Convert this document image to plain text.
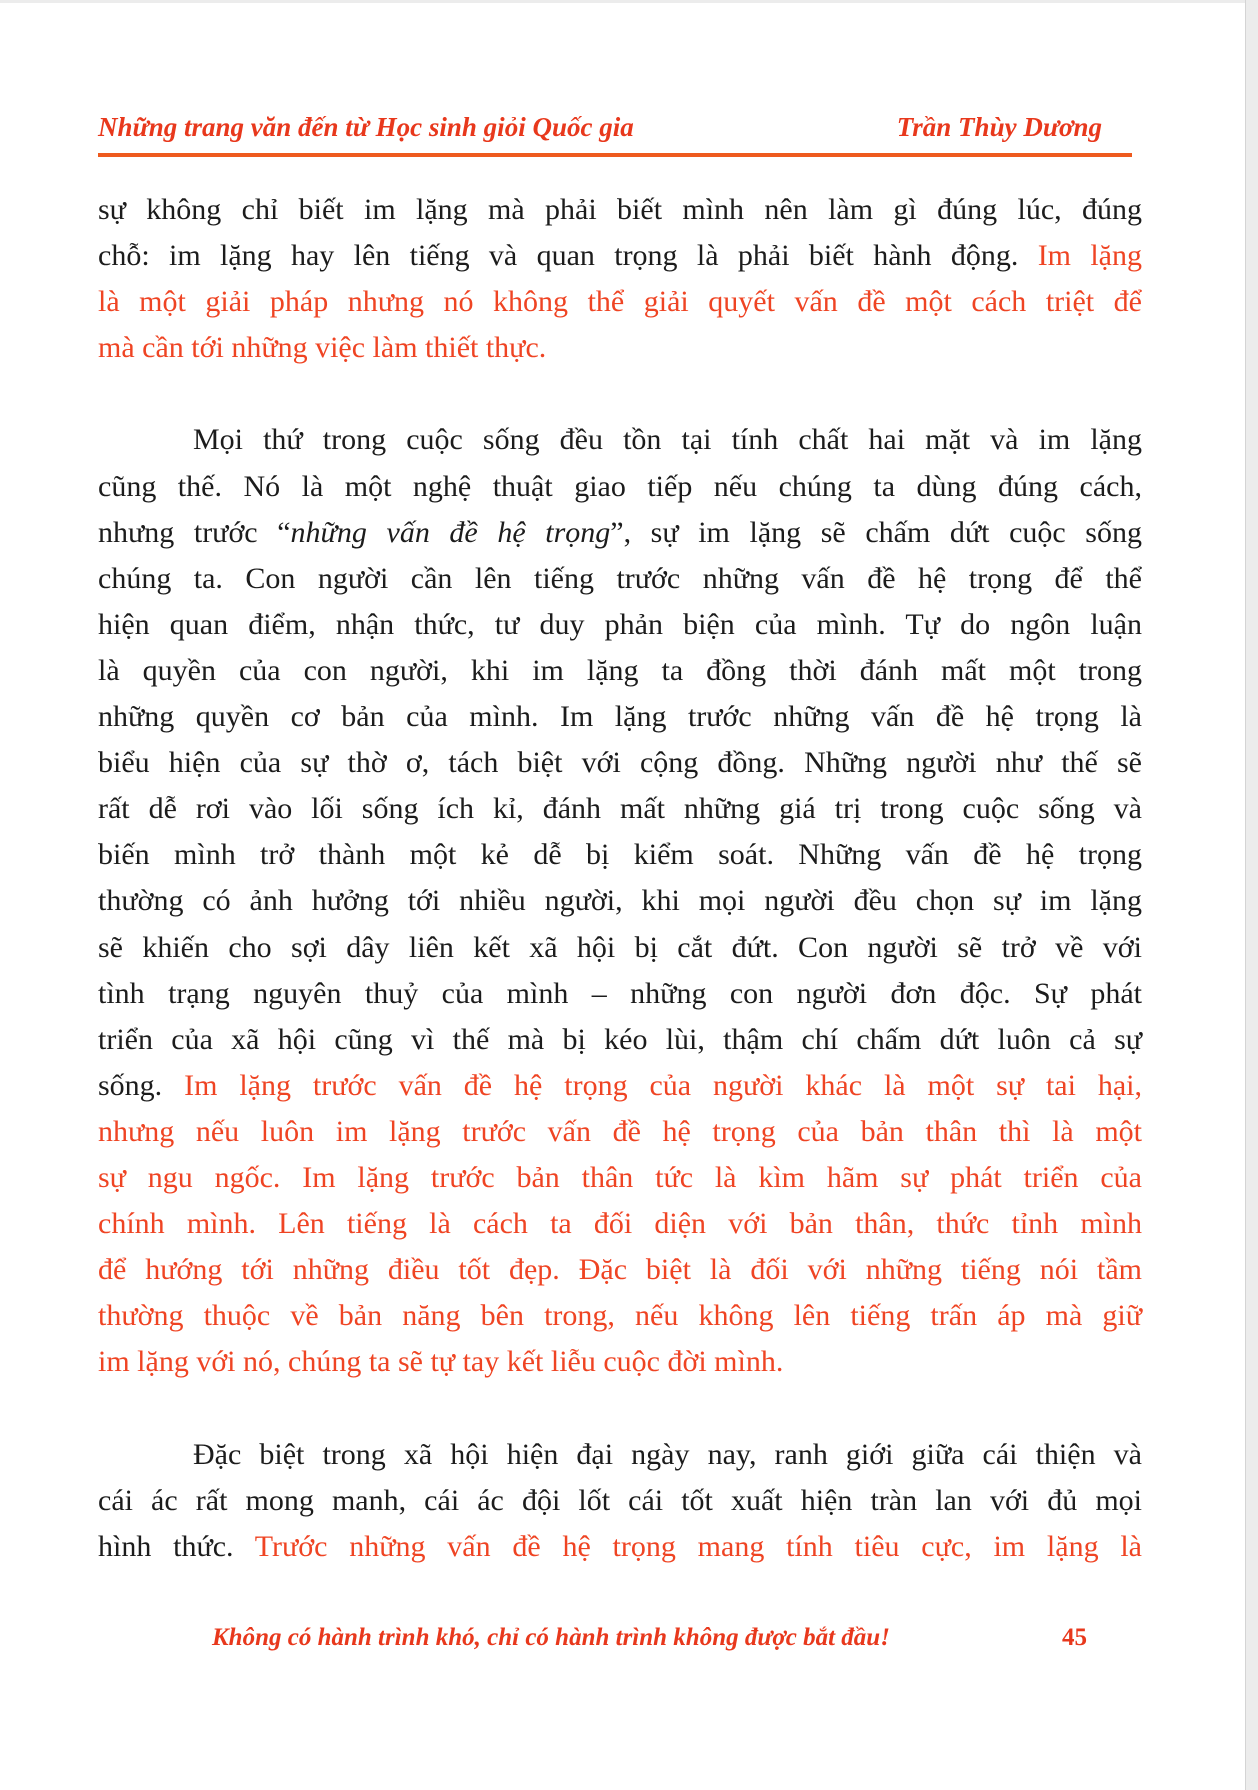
Những trang văn đến từ Học sinh giỏi Quốc gia	Trần Thùy Dương
sự không chỉ biết im lặng mà phải biết mình nên làm gì đúng lúc, đúng
chỗ: im lặng hay lên tiếng và quan trọng là phải biết hành động. Im lặng
là một giải pháp nhưng nó không thể giải quyết vấn đề một cách triệt để
mà cần tới những việc làm thiết thực.
Mọi thứ trong cuộc sống đều tồn tại tính chất hai mặt và im lặng
cũng thế. Nó là một nghệ thuật giao tiếp nếu chúng ta dùng đúng cách,
nhưng trước “những vấn đề hệ trọng”, sự im lặng sẽ chấm dứt cuộc sống
chúng ta. Con người cần lên tiếng trước những vấn đề hệ trọng để thể
hiện quan điểm, nhận thức, tư duy phản biện của mình. Tự do ngôn luận
là quyền của con người, khi im lặng ta đồng thời đánh mất một trong
những quyền cơ bản của mình. Im lặng trước những vấn đề hệ trọng là
biểu hiện của sự thờ ơ, tách biệt với cộng đồng. Những người như thế sẽ
rất dễ rơi vào lối sống ích kỉ, đánh mất những giá trị trong cuộc sống và
biến mình trở thành một kẻ dễ bị kiểm soát. Những vấn đề hệ trọng
thường có ảnh hưởng tới nhiều người, khi mọi người đều chọn sự im lặng
sẽ khiến cho sợi dây liên kết xã hội bị cắt đứt. Con người sẽ trở về với
tình trạng nguyên thuỷ của mình – những con người đơn độc. Sự phát
triển của xã hội cũng vì thế mà bị kéo lùi, thậm chí chấm dứt luôn cả sự
sống. Im lặng trước vấn đề hệ trọng của người khác là một sự tai hại,
nhưng nếu luôn im lặng trước vấn đề hệ trọng của bản thân thì là một
sự ngu ngốc. Im lặng trước bản thân tức là kìm hãm sự phát triển của
chính mình. Lên tiếng là cách ta đối diện với bản thân, thức tỉnh mình
để hướng tới những điều tốt đẹp. Đặc biệt là đối với những tiếng nói tầm
thường thuộc về bản năng bên trong, nếu không lên tiếng trấn áp mà giữ
im lặng với nó, chúng ta sẽ tự tay kết liễu cuộc đời mình.
Đặc biệt trong xã hội hiện đại ngày nay, ranh giới giữa cái thiện và
cái ác rất mong manh, cái ác đội lốt cái tốt xuất hiện tràn lan với đủ mọi
hình thức. Trước những vấn đề hệ trọng mang tính tiêu cực, im lặng là
Không có hành trình khó, chỉ có hành trình không được bắt đầu!	45
